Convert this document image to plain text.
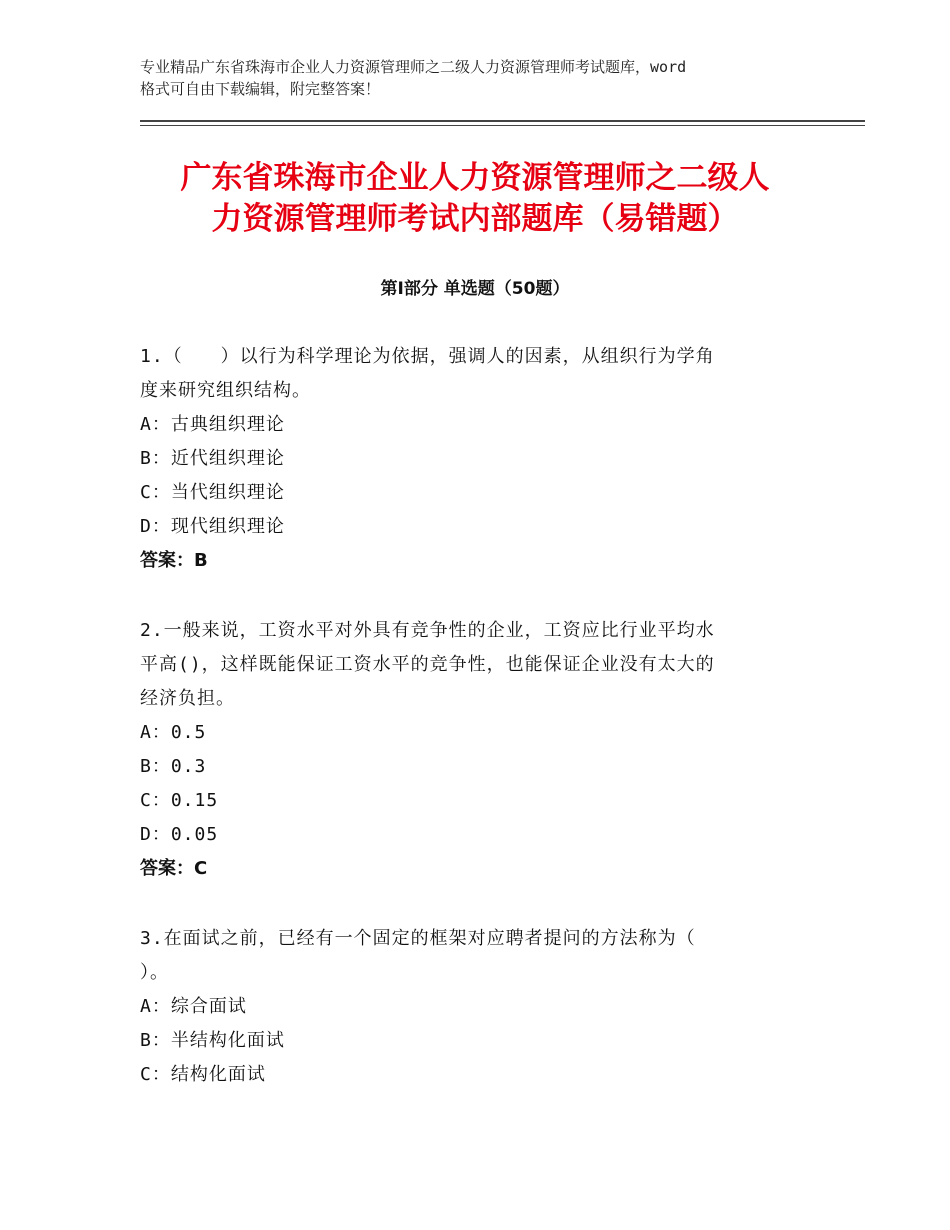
专业精品广东省珠海市企业人力资源管理师之二级人力资源管理师考试题库，word
格式可自由下载编辑，附完整答案！
广东省珠海市企业人力资源管理师之二级人
力资源管理师考试内部题库（易错题）
第Ⅰ部分 单选题（50题）
1.（　　）以行为科学理论为依据，强调人的因素，从组织行为学角
度来研究组织结构。
A：古典组织理论
B：近代组织理论
C：当代组织理论
D：现代组织理论
答案：B
2.一般来说，工资水平对外具有竞争性的企业，工资应比行业平均水
平高()，这样既能保证工资水平的竞争性，也能保证企业没有太大的
经济负担。
A：0.5
B：0.3
C：0.15
D：0.05
答案：C
3.在面试之前，已经有一个固定的框架对应聘者提问的方法称为（
）。
A：综合面试
B：半结构化面试
C：结构化面试
